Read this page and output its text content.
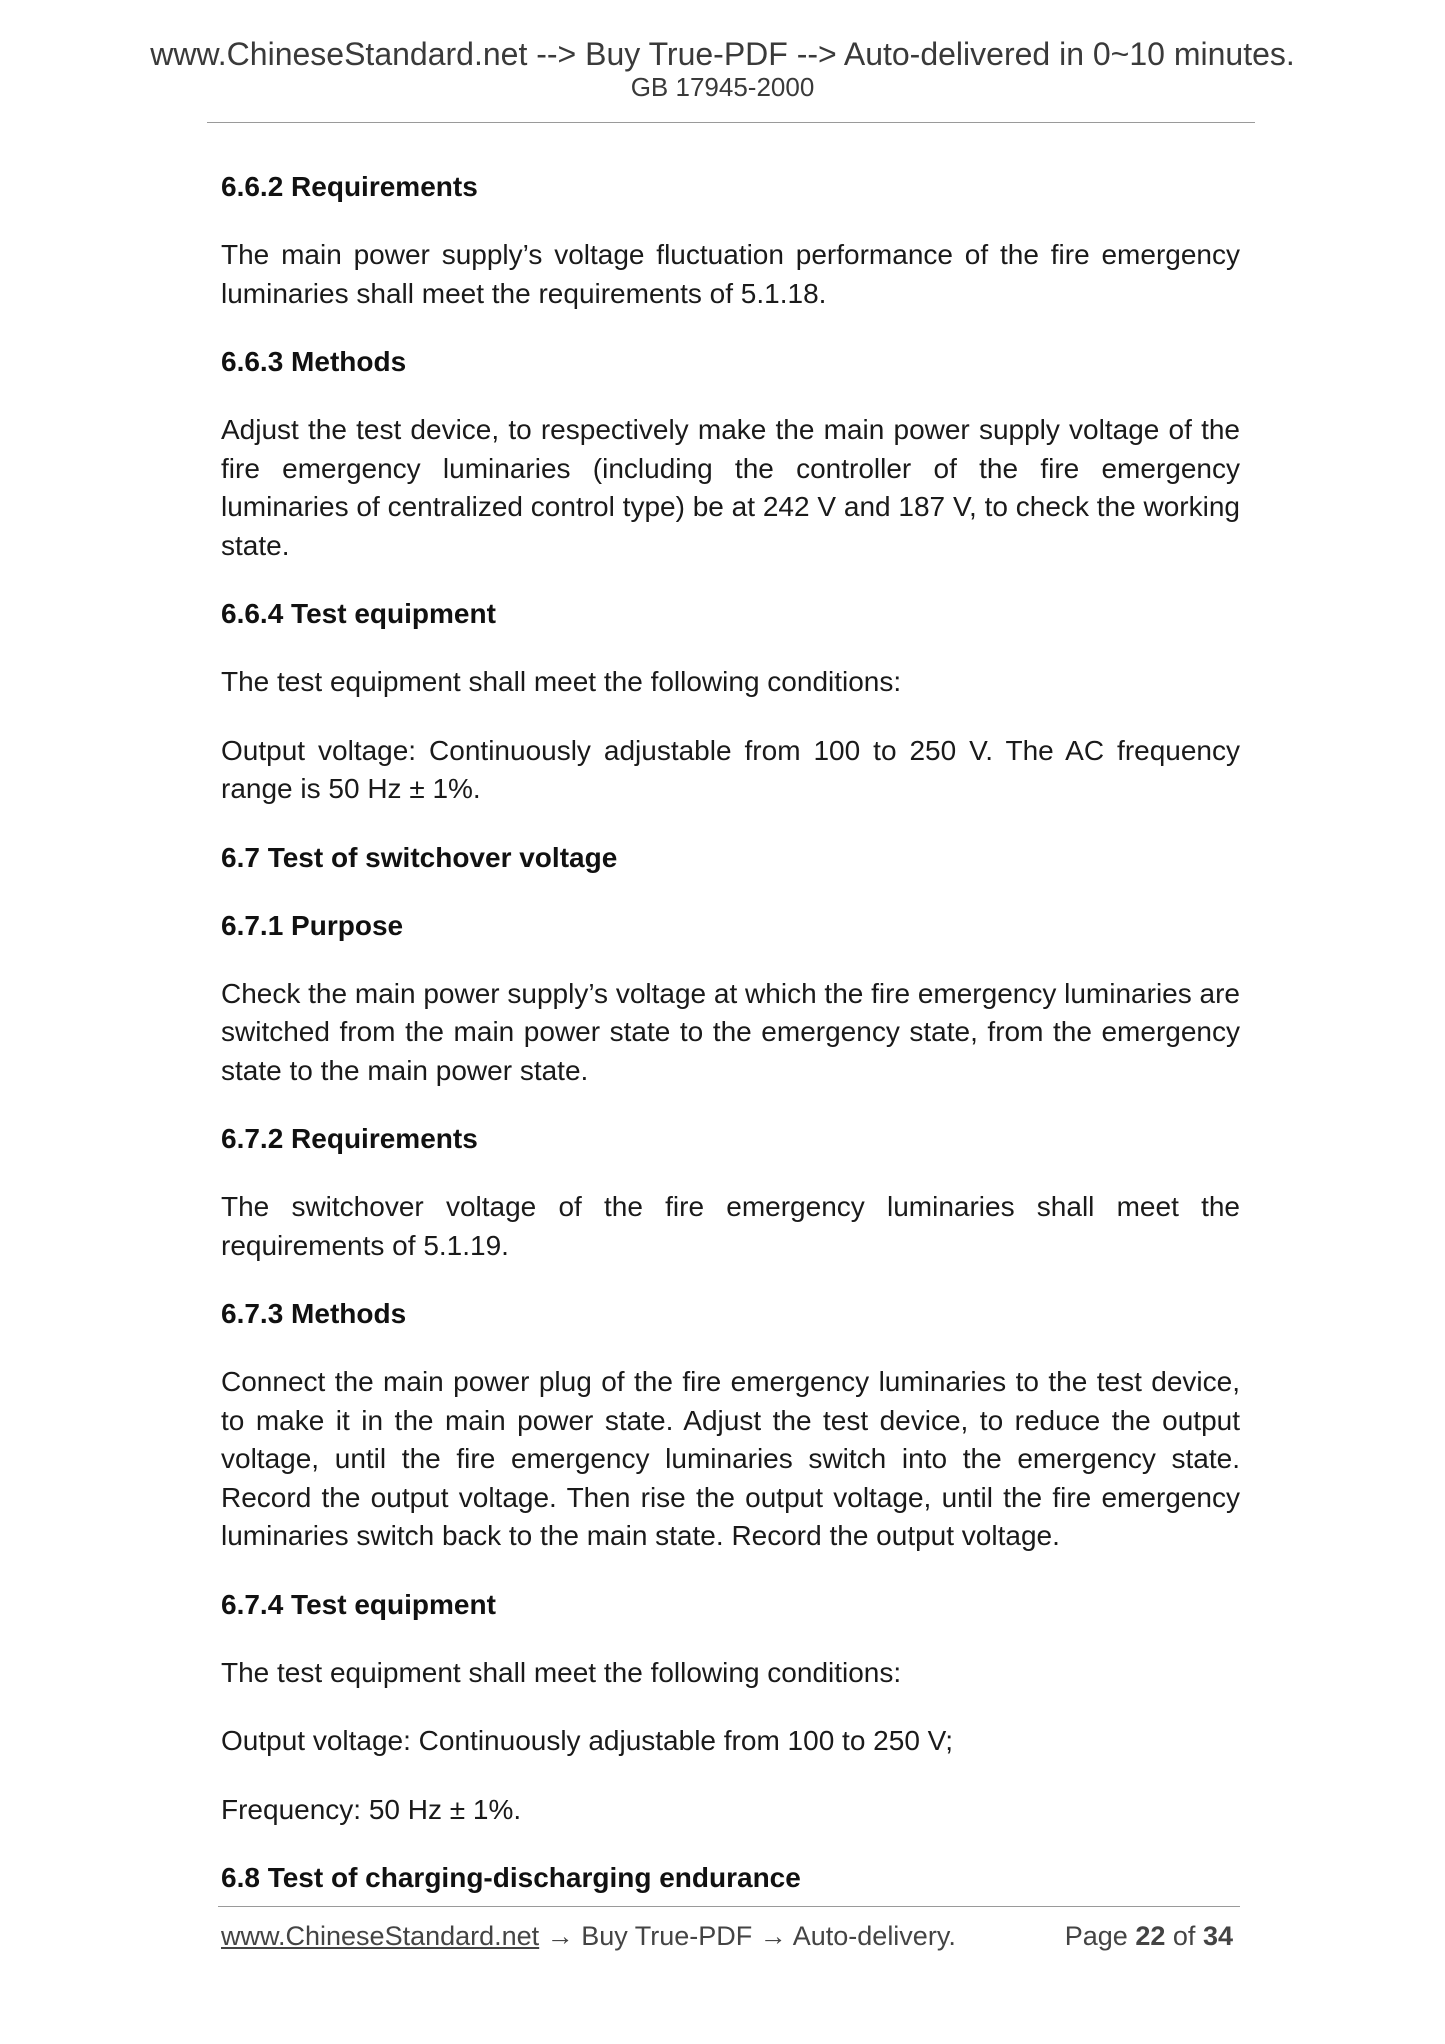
www.ChineseStandard.net --> Buy True-PDF --> Auto-delivered in 0~10 minutes.
GB 17945-2000
6.6.2 Requirements
The main power supply’s voltage fluctuation performance of the fire emergency luminaries shall meet the requirements of 5.1.18.
6.6.3 Methods
Adjust the test device, to respectively make the main power supply voltage of the fire emergency luminaries (including the controller of the fire emergency luminaries of centralized control type) be at 242 V and 187 V, to check the working state.
6.6.4 Test equipment
The test equipment shall meet the following conditions:
Output voltage: Continuously adjustable from 100 to 250 V. The AC frequency range is 50 Hz ± 1%.
6.7 Test of switchover voltage
6.7.1 Purpose
Check the main power supply’s voltage at which the fire emergency luminaries are switched from the main power state to the emergency state, from the emergency state to the main power state.
6.7.2 Requirements
The switchover voltage of the fire emergency luminaries shall meet the requirements of 5.1.19.
6.7.3 Methods
Connect the main power plug of the fire emergency luminaries to the test device, to make it in the main power state. Adjust the test device, to reduce the output voltage, until the fire emergency luminaries switch into the emergency state. Record the output voltage. Then rise the output voltage, until the fire emergency luminaries switch back to the main state. Record the output voltage.
6.7.4 Test equipment
The test equipment shall meet the following conditions:
Output voltage: Continuously adjustable from 100 to 250 V;
Frequency: 50 Hz ± 1%.
6.8 Test of charging-discharging endurance
www.ChineseStandard.net → Buy True-PDF → Auto-delivery.	Page 22 of 34
